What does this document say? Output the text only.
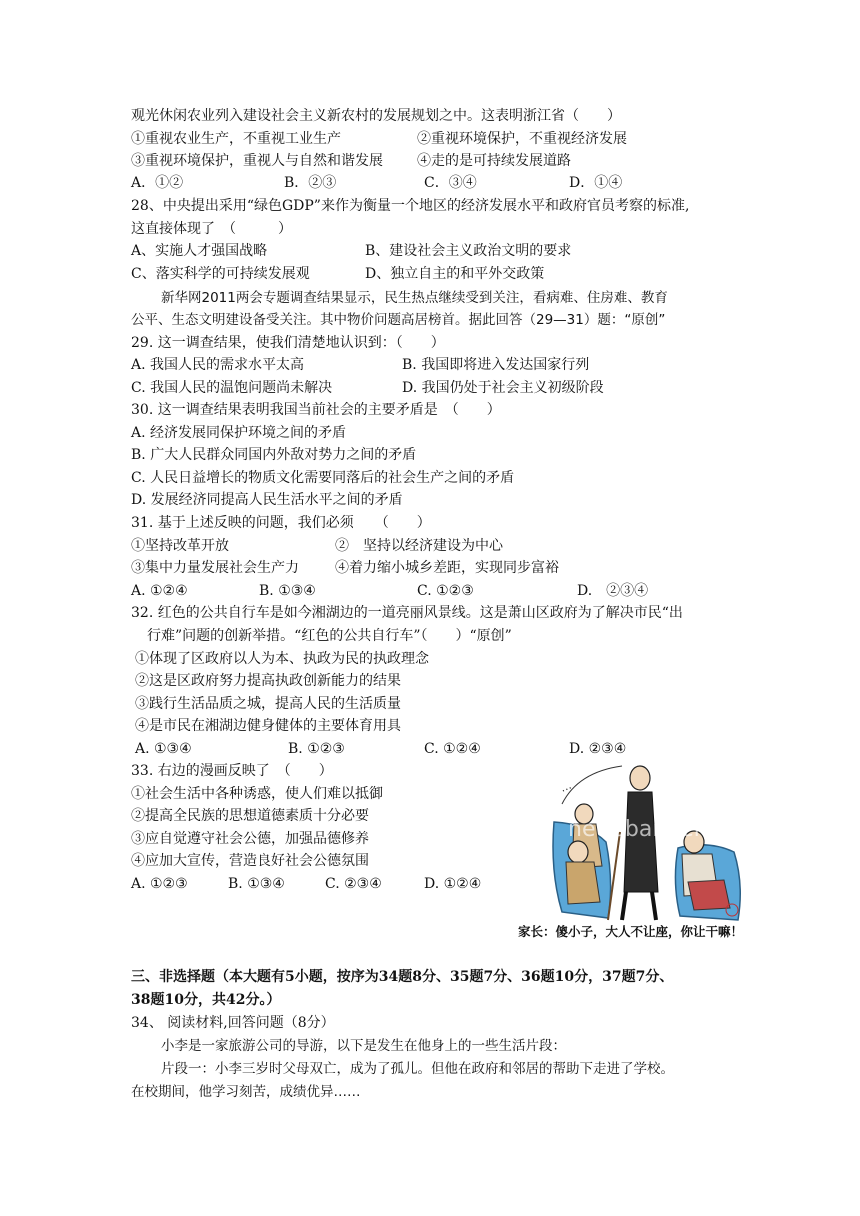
观光休闲农业列入建设社会主义新农村的发展规划之中。这表明浙江省（　　）
①重视农业生产，不重视工业生产	②重视环境保护，不重视经济发展
③重视环境保护，重视人与自然和谐发展 ④走的是可持续发展道路
A．①②	B．②③	C．③④	D．①④
28、中央提出采用“绿色GDP”来作为衡量一个地区的经济发展水平和政府官员考察的标准,
这直接体现了　（　　　）
A、实施人才强国战略	B、建设社会主义政治文明的要求
C、落实科学的可持续发展观	D、独立自主的和平外交政策
新华网2011两会专题调查结果显示，民生热点继续受到关注，看病难、住房难、教育
公平、生态文明建设备受关注。其中物价问题高居榜首。据此回答（29—31）题：“原创”
29. 这一调查结果，使我们清楚地认识到：（　　）
A. 我国人民的需求水平太高	B. 我国即将进入发达国家行列
C. 我国人民的温饱问题尚未解决	D. 我国仍处于社会主义初级阶段
30. 这一调查结果表明我国当前社会的主要矛盾是　（　　）
A. 经济发展同保护环境之间的矛盾
B. 广大人民群众同国内外敌对势力之间的矛盾
C. 人民日益增长的物质文化需要同落后的社会生产之间的矛盾
D. 发展经济同提高人民生活水平之间的矛盾
31. 基于上述反映的问题，我们必须　　（　　）
①坚持改革开放	②　坚持以经济建设为中心
③集中力量发展社会生产力	④着力缩小城乡差距，实现同步富裕
A. ①②④	B. ①③④	C. ①②③	D.　②③④
32. 红色的公共自行车是如今湘湖边的一道亮丽风景线。这是萧山区政府为了解决市民“出
行难”问题的创新举措。“红色的公共自行车”（　　）“原创”
①体现了区政府以人为本、执政为民的执政理念
②这是区政府努力提高执政创新能力的结果
③践行生活品质之城，提高人民的生活质量
④是市民在湘湖边健身健体的主要体育用具
A. ①③④	B. ①②③	C. ①②④	D. ②③④
33. 右边的漫画反映了　（　　）
①社会生活中各种诱惑，使人们难以抵御
②提高全民族的思想道德素质十分必要
③应自觉遵守社会公德，加强品德修养
④应加大宣传，营造良好社会公德氛围
A. ①②③	B. ①③④	C. ②③④	D. ①②④
…
newsbanner
家长：傻小子，大人不让座，你让干嘛！
三、非选择题（本大题有5小题，按序为34题8分、35题7分、36题10分，37题7分、
38题10分，共42分。）
34、 阅读材料,回答问题（8分）
小李是一家旅游公司的导游，以下是发生在他身上的一些生活片段：
片段一：小李三岁时父母双亡，成为了孤儿。但他在政府和邻居的帮助下走进了学校。
在校期间，他学习刻苦，成绩优异……
